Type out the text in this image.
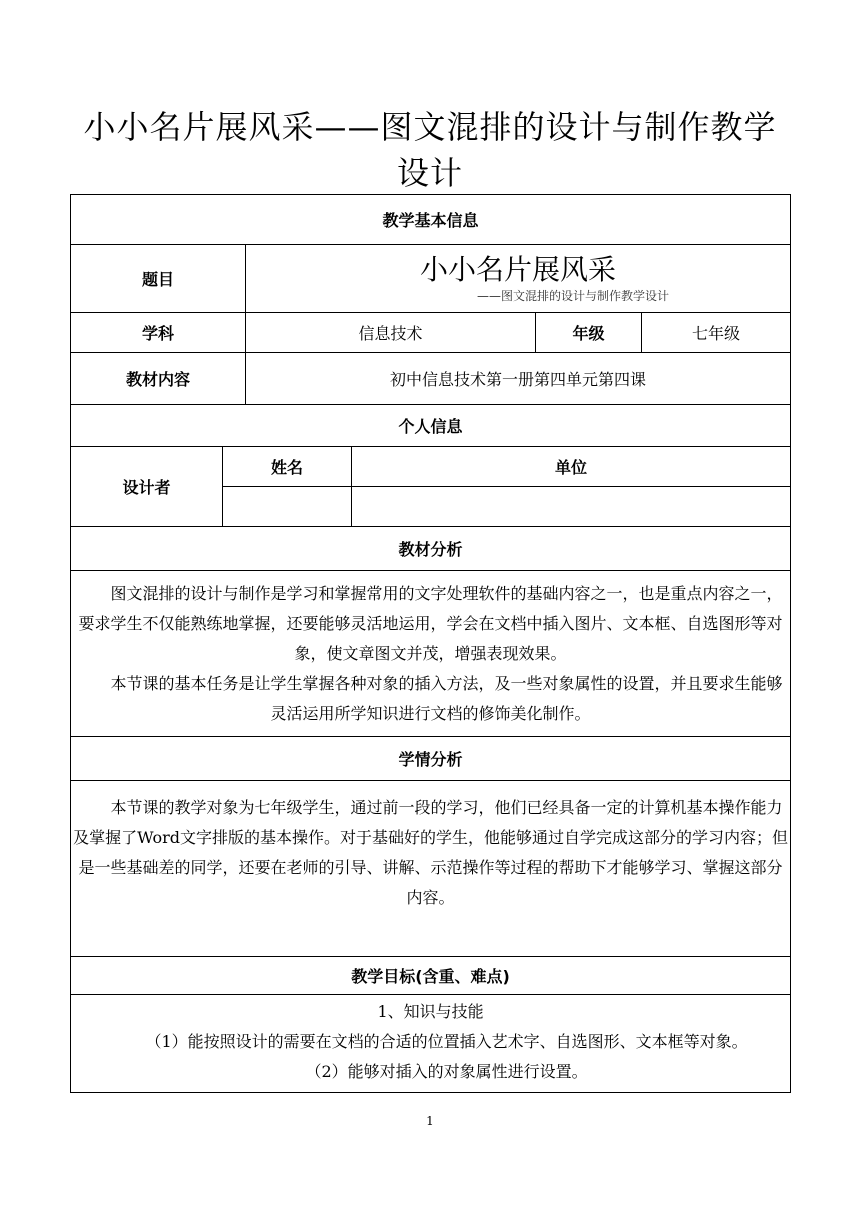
小小名片展风采——图文混排的设计与制作教学设计
教学基本信息					
题目		小小名片展风采
——图文混排的设计与制作教学设计			

学科		信息技术		年级	七年级
教材内容		初中信息技术第一册第四单元第四课			
个人信息					
设计者	姓名		单位		

教材分析					

图文混排的设计与制作是学习和掌握常用的文字处理软件的基础内容之一，也是重点内容之一，要求学生不仅能熟练地掌握，还要能够灵活地运用，学会在文档中插入图片、文本框、自选图形等对象，使文章图文并茂，增强表现效果。

本节课的基本任务是让学生掌握各种对象的插入方法，及一些对象属性的设置，并且要求生能够灵活运用所学知识进行文档的修饰美化制作。					

学情分析					

本节课的教学对象为七年级学生，通过前一段的学习，他们已经具备一定的计算机基本操作能力及掌握了Word文字排版的基本操作。对于基础好的学生，他能够通过自学完成这部分的学习内容；但是一些基础差的同学，还要在老师的引导、讲解、示范操作等过程的帮助下才能够学习、掌握这部分内容。					

教学目标(含重、难点)					

1、知识与技能

（1）能按照设计的需要在文档的合适的位置插入艺术字、自选图形、文本框等对象。

（2）能够对插入的对象属性进行设置。					

1
